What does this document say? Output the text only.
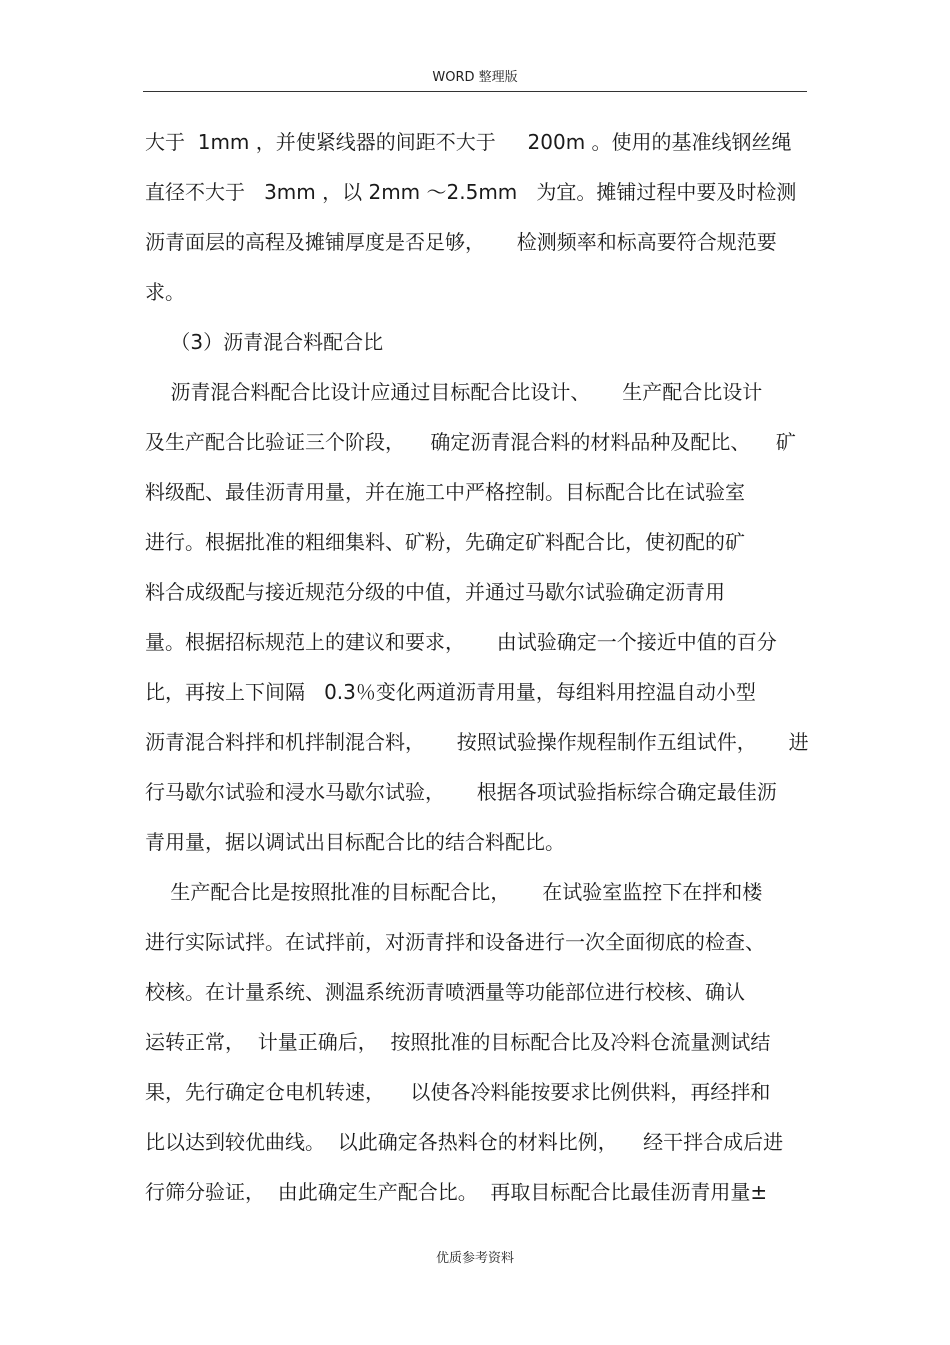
WORD 整理版
大于  1mm ，并使紧线器的间距不大于     200m 。使用的基准线钢丝绳
直径不大于   3mm ，以 2mm ～2.5mm   为宜。摊铺过程中要及时检测
沥青面层的高程及摊铺厚度是否足够，     检测频率和标高要符合规范要
求。
（3）沥青混合料配合比
沥青混合料配合比设计应通过目标配合比设计、     生产配合比设计
及生产配合比验证三个阶段，    确定沥青混合料的材料品种及配比、    矿
料级配、最佳沥青用量，并在施工中严格控制。目标配合比在试验室
进行。根据批准的粗细集料、矿粉，先确定矿料配合比，使初配的矿
料合成级配与接近规范分级的中值，并通过马歇尔试验确定沥青用
量。根据招标规范上的建议和要求，     由试验确定一个接近中值的百分
比，再按上下间隔   0.3％变化两道沥青用量，每组料用控温自动小型
沥青混合料拌和机拌制混合料，     按照试验操作规程制作五组试件，     进
行马歇尔试验和浸水马歇尔试验，     根据各项试验指标综合确定最佳沥
青用量，据以调试出目标配合比的结合料配比。
生产配合比是按照批准的目标配合比，     在试验室监控下在拌和楼
进行实际试拌。在试拌前，对沥青拌和设备进行一次全面彻底的检查、
校核。在计量系统、测温系统沥青喷洒量等功能部位进行校核、确认
运转正常，  计量正确后，  按照批准的目标配合比及冷料仓流量测试结
果，先行确定仓电机转速，    以使各冷料能按要求比例供料，再经拌和
比以达到较优曲线。  以此确定各热料仓的材料比例，    经干拌合成后进
行筛分验证，  由此确定生产配合比。  再取目标配合比最佳沥青用量±
优质参考资料
